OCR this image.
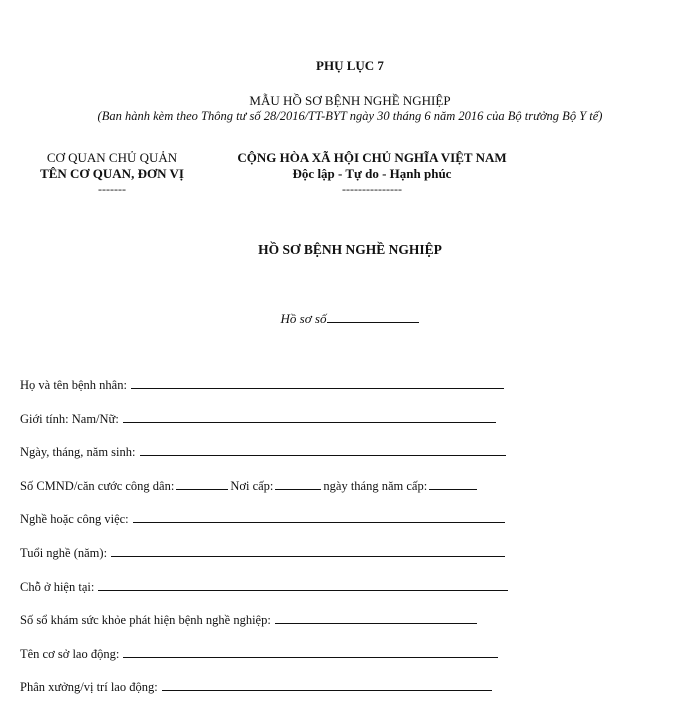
PHỤ LỤC 7
MẪU HỒ SƠ BỆNH NGHỀ NGHIỆP
(Ban hành kèm theo Thông tư số 28/2016/TT-BYT ngày 30 tháng 6 năm 2016 của Bộ trưởng Bộ Y tế)
CƠ QUAN CHỦ QUẢN
TÊN CƠ QUAN, ĐƠN VỊ
-------
CỘNG HÒA XÃ HỘI CHỦ NGHĨA VIỆT NAM
Độc lập - Tự do - Hạnh phúc
---------------
HỒ SƠ BỆNH NGHỀ NGHIỆP
Hồ sơ số
Họ và tên bệnh nhân:
Giới tính: Nam/Nữ:
Ngày, tháng, năm sinh:
Số CMND/căn cước công dân:	Nơi cấp:	ngày tháng năm cấp:
Nghề hoặc công việc:
Tuổi nghề (năm):
Chỗ ở hiện tại:
Số sổ khám sức khỏe phát hiện bệnh nghề nghiệp:
Tên cơ sở lao động:
Phân xưởng/vị trí lao động:
